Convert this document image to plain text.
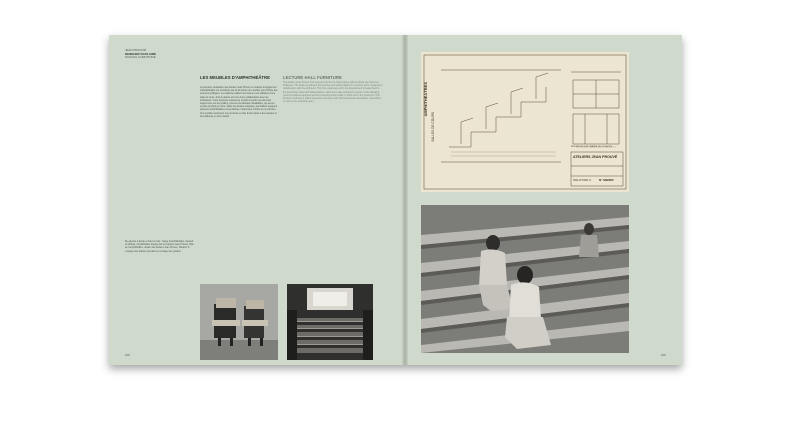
JEAN PROUVÉ
MOBILIER SCOLAIRE
SCHOOL FURNITURE
LES MEUBLES D'AMPHITHÉÂTRE	LECTURE HALL FURNITURE
La première réalisation des Ateliers Jean Prouvé en matière d'équipement d'amphithéâtre est constituée par la fourniture de meubles pour l'École des sciences politiques. Les ateliers réalisent les bancs et les tablettes d'une salle de cours, dont le dessin est issu d'une collaboration avec les architectes. Cette première expérience conduit à mettre au point des sièges fixés sur les gradins, pourvus de tablettes rabattables, qui seront ensuite produits en série. Dans les années suivantes, les Ateliers équipent plusieurs amphithéâtres universitaires, notamment à Paris et en province. Ces meubles associent une structure en tôle d'acier pliée à des assises et des tablettes en bois massif.
The Ateliers Jean Prouvé first ventured into lecture hall furniture with the École des Sciences Politiques. The Ateliers produced the benches and writing tablets for a lecture room, designed in collaboration with the architects. This first experience led to the development of seats fixed to the tiered floor, fitted with folding tablets, which were later produced in series. In the following years the Ateliers equipped several university lecture halls, in Paris and in the provinces. This furniture combines a folded sheet-steel structure with solid wood seats and tablets, assembled on site by the workshop team.
De gauche à droite et haut en bas : Siège d'amphithéâtre, fauteuil et tablette. Amphithéâtre équipé par les Ateliers Jean Prouvé. Plan de l'amphithéâtre, dessin des Ateliers Jean Prouvé, Solution 3. L'équipe des Ateliers pendant le montage des gradins.
AMPHITHÉÂTRES
SALLES DE COURS
ÉLÉVATION SUR TRAVÉE DE 4 PLACES
ATELIERS JEAN PROUVÉ
SOLUTION 3	N° MB/605
108	109
